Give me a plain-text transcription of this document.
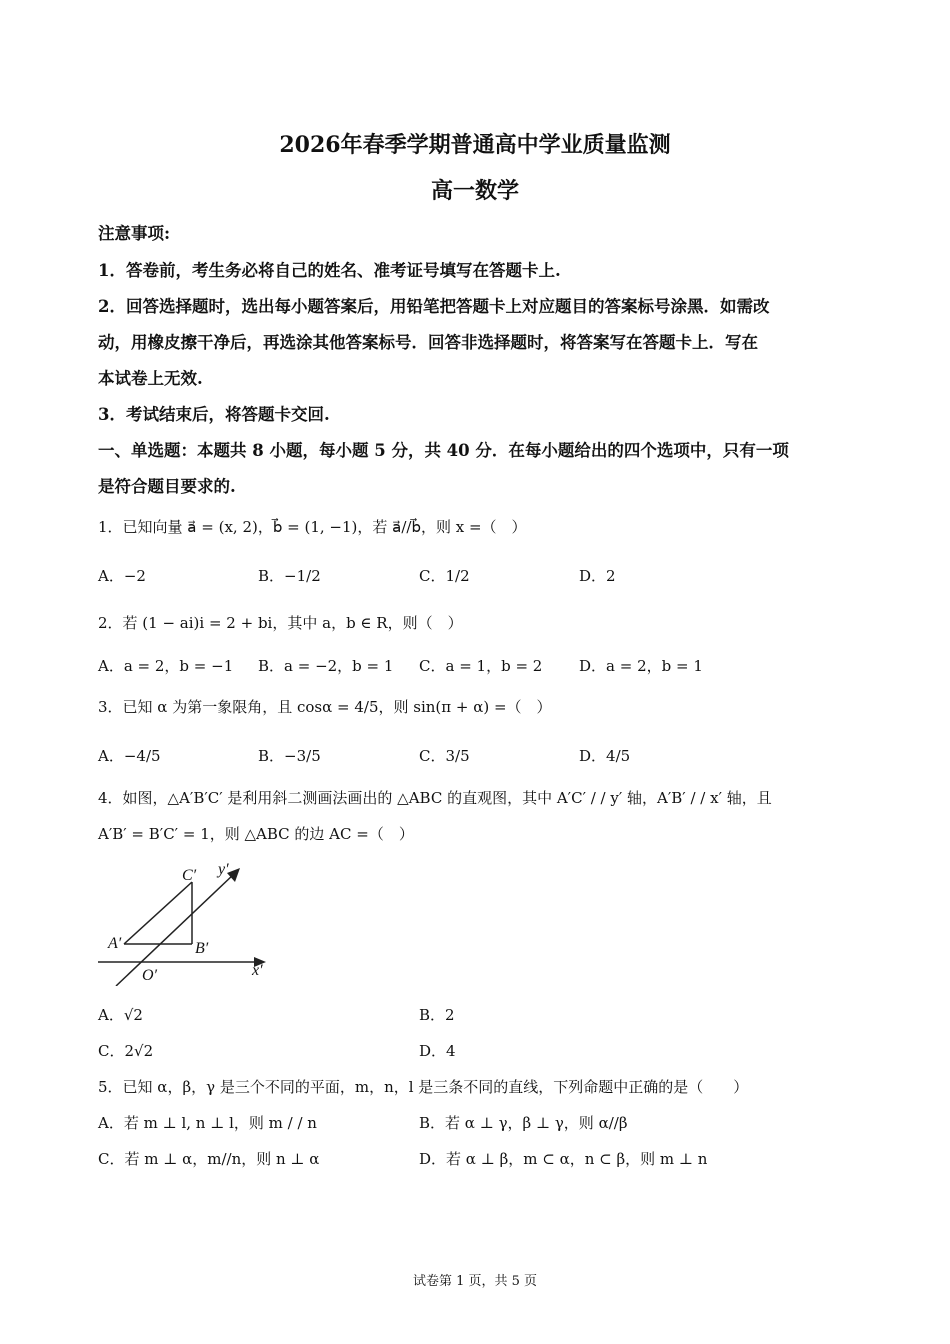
2026年春季学期普通高中学业质量监测
高一数学
注意事项:
1．答卷前，考生务必将自己的姓名、准考证号填写在答题卡上.
2．回答选择题时，选出每小题答案后，用铅笔把答题卡上对应题目的答案标号涂黑．如需改
动，用橡皮擦干净后，再选涂其他答案标号．回答非选择题时，将答案写在答题卡上．写在
本试卷上无效.
3．考试结束后，将答题卡交回.
一、单选题：本题共 8 小题，每小题 5 分，共 40 分．在每小题给出的四个选项中，只有一项
是符合题目要求的.
1．已知向量 a⃗ = (x, 2)，b⃗ = (1, −1)，若 a⃗//b⃗，则 x =（　）
A．−2	B．−1/2	C．1/2	D．2
2．若 (1 − ai)i = 2 + bi，其中 a，b ∈ R，则（　）
A．a = 2，b = −1 B．a = −2，b = 1 C．a = 1，b = 2 D．a = 2，b = 1
3．已知 α 为第一象限角，且 cosα = 4/5，则 sin(π + α) =（　）
A．−4/5	B．−3/5	C．3/5	D．4/5
4．如图，△A′B′C′ 是利用斜二测画法画出的 △ABC 的直观图，其中 A′C′ / / y′ 轴，A′B′ / / x′ 轴，且
A′B′ = B′C′ = 1，则 △ABC 的边 AC =（　）
C′ y′
A′	B′
O′	x′
A．√2	B．2
C．2√2	D．4
5．已知 α，β，γ 是三个不同的平面，m，n，l 是三条不同的直线，下列命题中正确的是（　　）
A．若 m ⊥ l, n ⊥ l，则 m / / n	B．若 α ⊥ γ，β ⊥ γ，则 α//β
C．若 m ⊥ α，m//n，则 n ⊥ α	D．若 α ⊥ β，m ⊂ α，n ⊂ β，则 m ⊥ n
试卷第 1 页，共 5 页
